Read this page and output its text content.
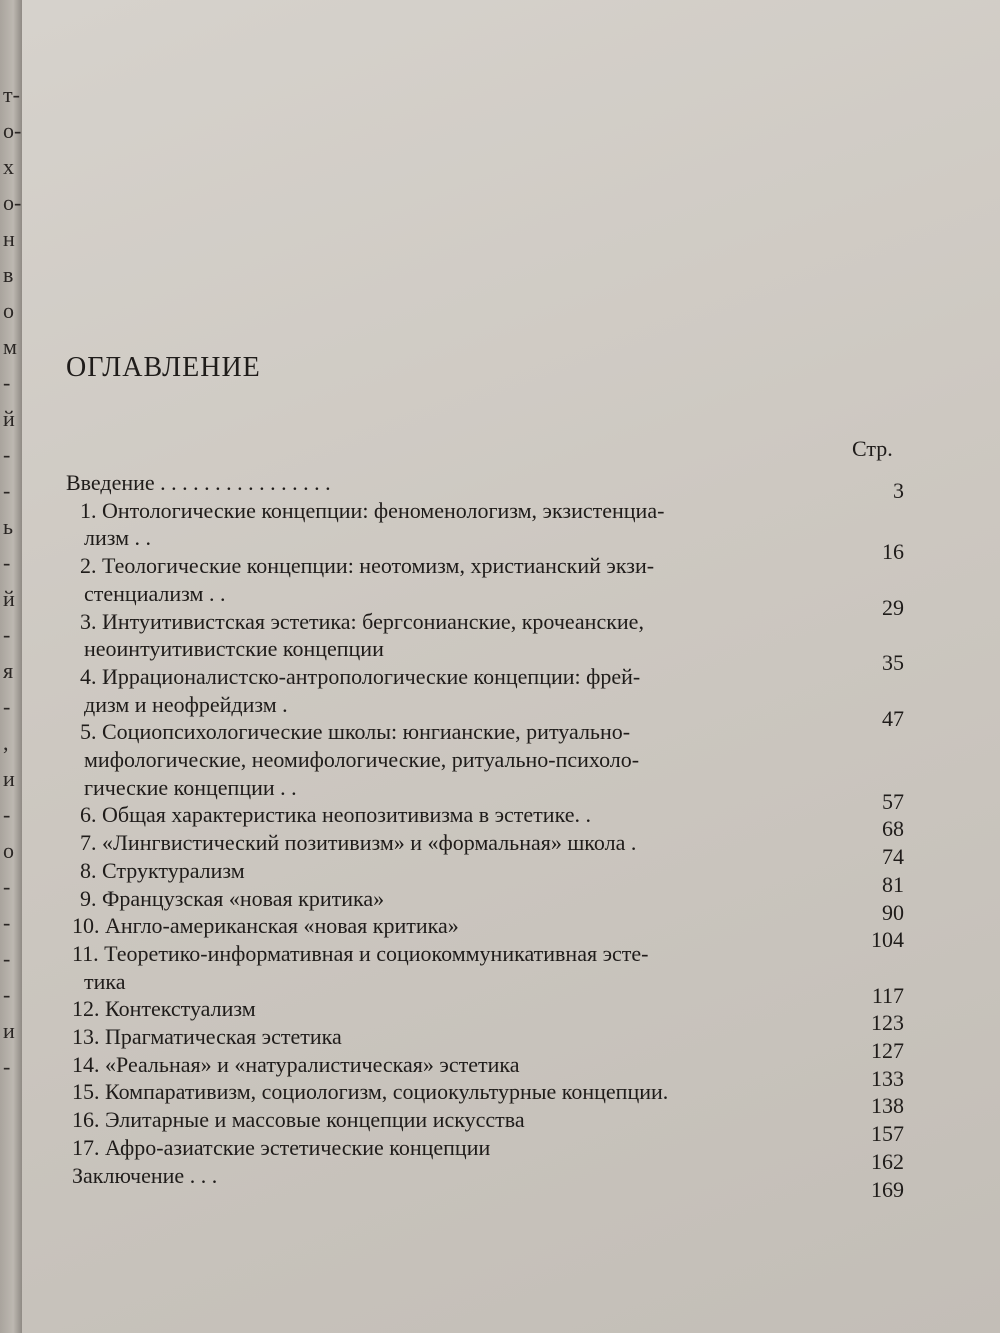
т-
о-
х
о-
н
в
о
м
-
й
-
-
ь
-
й
-
я
-
,
и
-
о
-
-
-
-
и
-
ОГЛАВЛЕНИЕ
Стр.
Введение . . . . . . . . . . . . . . . .	3
1. Онтологические концепции: феноменологизм, экзистенциа-
лизм . .
16
2. Теологические концепции: неотомизм, христианский экзи-
стенциализм . .
29
3. Интуитивистская эстетика: бергсонианские, крочеанские,
неоинтуитивистские концепции
35
4. Иррационалистско-антропологические концепции: фрей-
дизм и неофрейдизм .
47
5. Социопсихологические школы: юнгианские, ритуально-
мифологические, неомифологические, ритуально-психоло-
гические концепции . .
57
6. Общая характеристика неопозитивизма в эстетике. .
68
7. «Лингвистический позитивизм» и «формальная» школа .
74
8. Структурализм
81
9. Французская «новая критика»
90
10. Англо-американская «новая критика»
104
11. Теоретико-информативная и социокоммуникативная эсте-
тика
117
12. Контекстуализм
123
13. Прагматическая эстетика
127
14. «Реальная» и «натуралистическая» эстетика
133
15. Компаративизм, социологизм, социокультурные концепции.
138
16. Элитарные и массовые концепции искусства
157
17. Афро-азиатские эстетические концепции
162
Заключение . . .
169
